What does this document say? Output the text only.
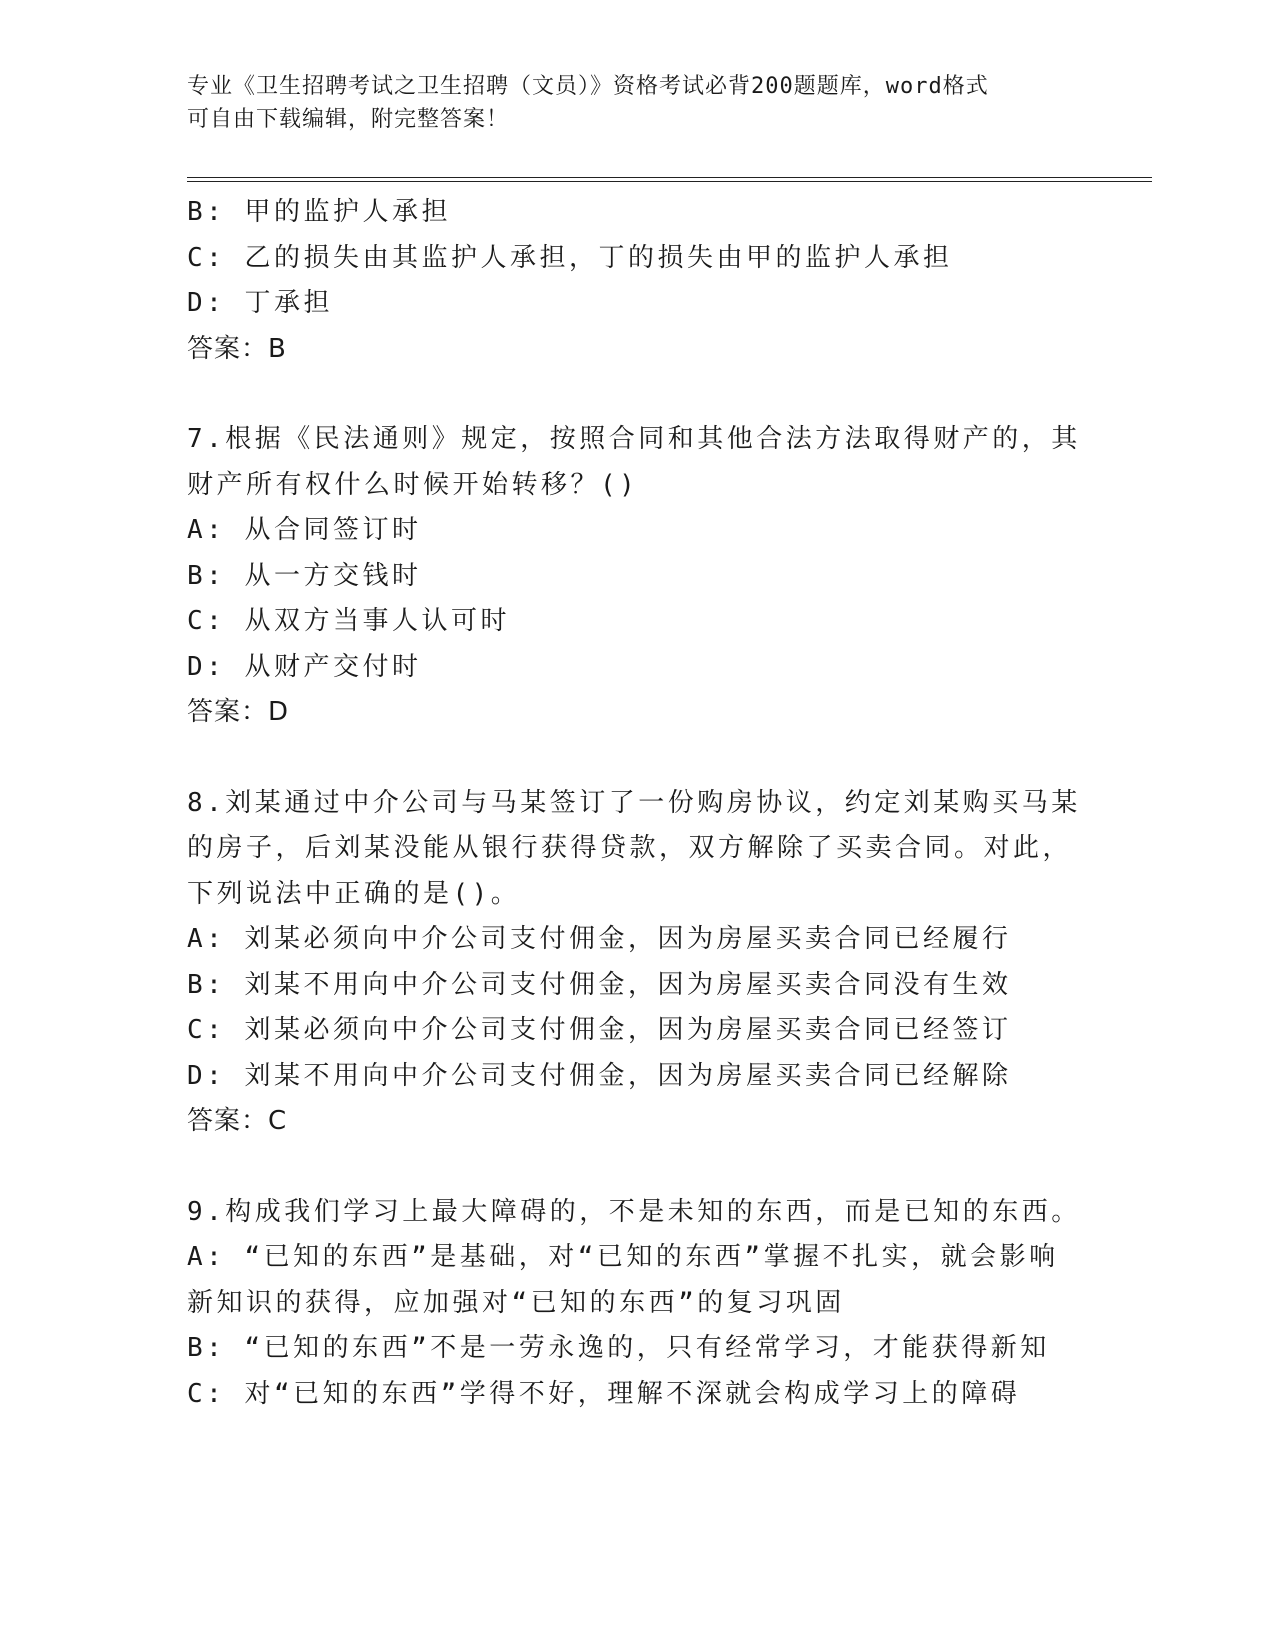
专业《卫生招聘考试之卫生招聘（文员）》资格考试必背200题题库，word格式
可自由下载编辑，附完整答案！
B: 甲的监护人承担
C: 乙的损失由其监护人承担，丁的损失由甲的监护人承担
D: 丁承担
答案：B
7.根据《民法通则》规定，按照合同和其他合法方法取得财产的，其
财产所有权什么时候开始转移？()
A: 从合同签订时
B: 从一方交钱时
C: 从双方当事人认可时
D: 从财产交付时
答案：D
8.刘某通过中介公司与马某签订了一份购房协议，约定刘某购买马某
的房子，后刘某没能从银行获得贷款，双方解除了买卖合同。对此，
下列说法中正确的是()。
A: 刘某必须向中介公司支付佣金，因为房屋买卖合同已经履行
B: 刘某不用向中介公司支付佣金，因为房屋买卖合同没有生效
C: 刘某必须向中介公司支付佣金，因为房屋买卖合同已经签订
D: 刘某不用向中介公司支付佣金，因为房屋买卖合同已经解除
答案：C
9.构成我们学习上最大障碍的，不是未知的东西，而是已知的东西。
A: “已知的东西”是基础，对“已知的东西”掌握不扎实，就会影响
新知识的获得，应加强对“已知的东西”的复习巩固
B: “已知的东西”不是一劳永逸的，只有经常学习，才能获得新知
C: 对“已知的东西”学得不好，理解不深就会构成学习上的障碍
